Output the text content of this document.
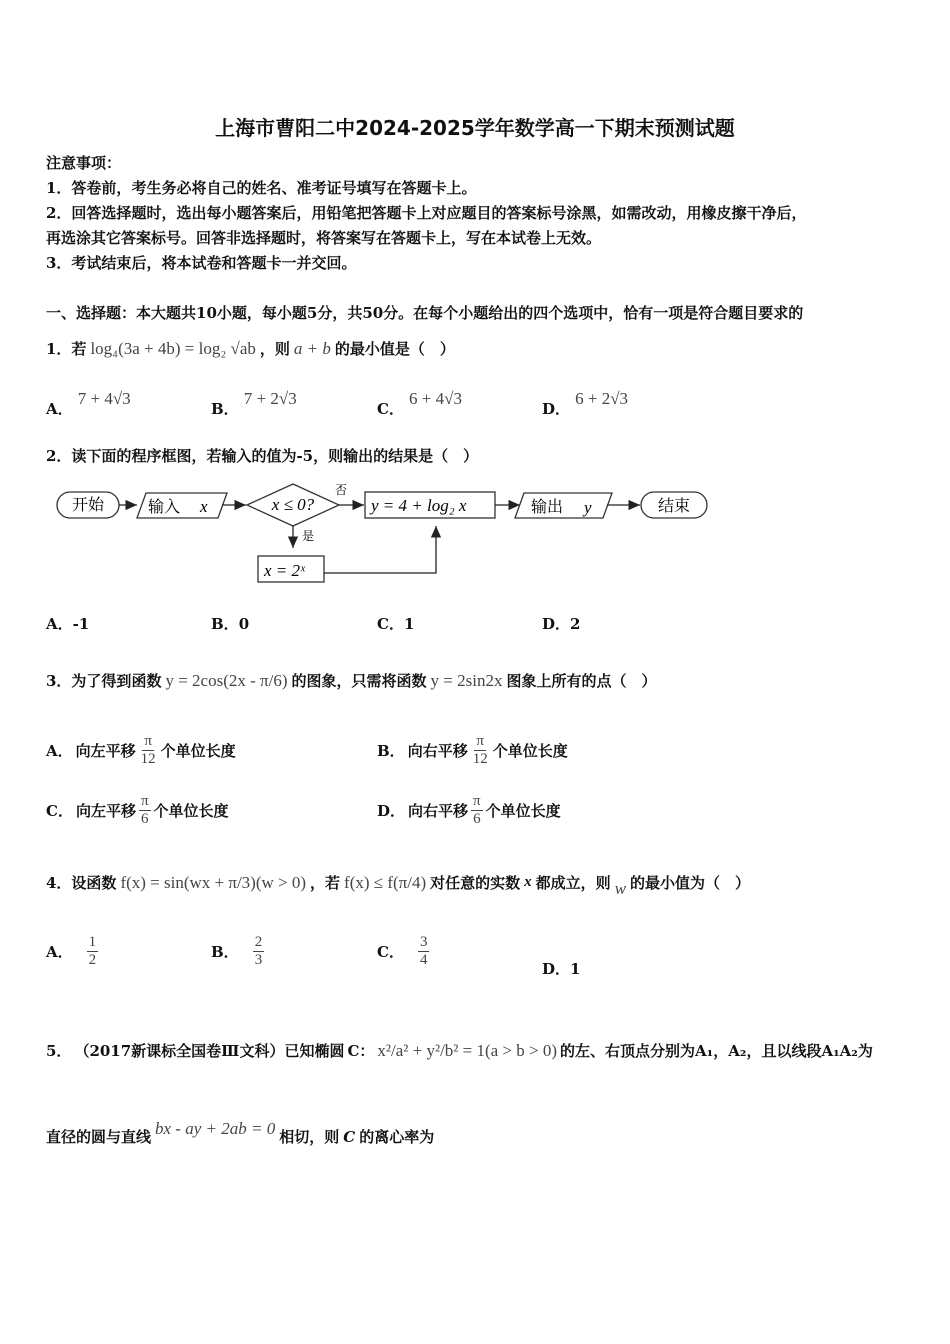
上海市曹阳二中2024-2025学年数学高一下期末预测试题
注意事项：
1．答卷前，考生务必将自己的姓名、准考证号填写在答题卡上。
2．回答选择题时，选出每小题答案后，用铅笔把答题卡上对应题目的答案标号涂黑，如需改动，用橡皮擦干净后，
再选涂其它答案标号。回答非选择题时，将答案写在答题卡上，写在本试卷上无效。
3．考试结束后，将本试卷和答题卡一并交回。
一、选择题：本大题共10小题，每小题5分，共50分。在每个小题给出的四个选项中，恰有一项是符合题目要求的
1．若 log₄(3a + 4b) = log₂ √ab ，则 a + b 的最小值是（　）
A． 7 + 4√3
B． 7 + 2√3
C． 6 + 4√3
D． 6 + 2√3
2．读下面的程序框图，若输入的值为-5，则输出的结果是（　）
开始	输入 x	x ≤ 0?
否
y = 4 + log₂ x	输出 y	结束
是
x = 2ˣ
A．-1	B．0	C．1	D．2
3．为了得到函数 y = 2cos(2x - π/6) 的图象，只需将函数 y = 2sin2x 图象上所有的点（　）
A． 向左平移 $\frac{\pi}{12}$ 个单位长度	B． 向右平移 $\frac{\pi}{12}$ 个单位长度
C． 向左平移 $\frac{\pi}{6}$ 个单位长度	D． 向右平移 $\frac{\pi}{6}$ 个单位长度
4．设函数 f(x) = sin(wx + π/3)(w > 0) ，若 f(x) ≤ f(π/4) 对任意的实数 x 都成立，则 w 的最小值为（　）
A． $\frac{1}{2}$	B． $\frac{2}{3}$	C． $\frac{3}{4}$	D．1
5． （2017新课标全国卷Ⅲ文科）已知椭圆 C： x²/a² + y²/b² = 1(a > b > 0) 的左、右顶点分别为A₁，A₂，且以线段A₁A₂为
直径的圆与直线 bx - ay + 2ab = 0 相切，则 C 的离心率为
